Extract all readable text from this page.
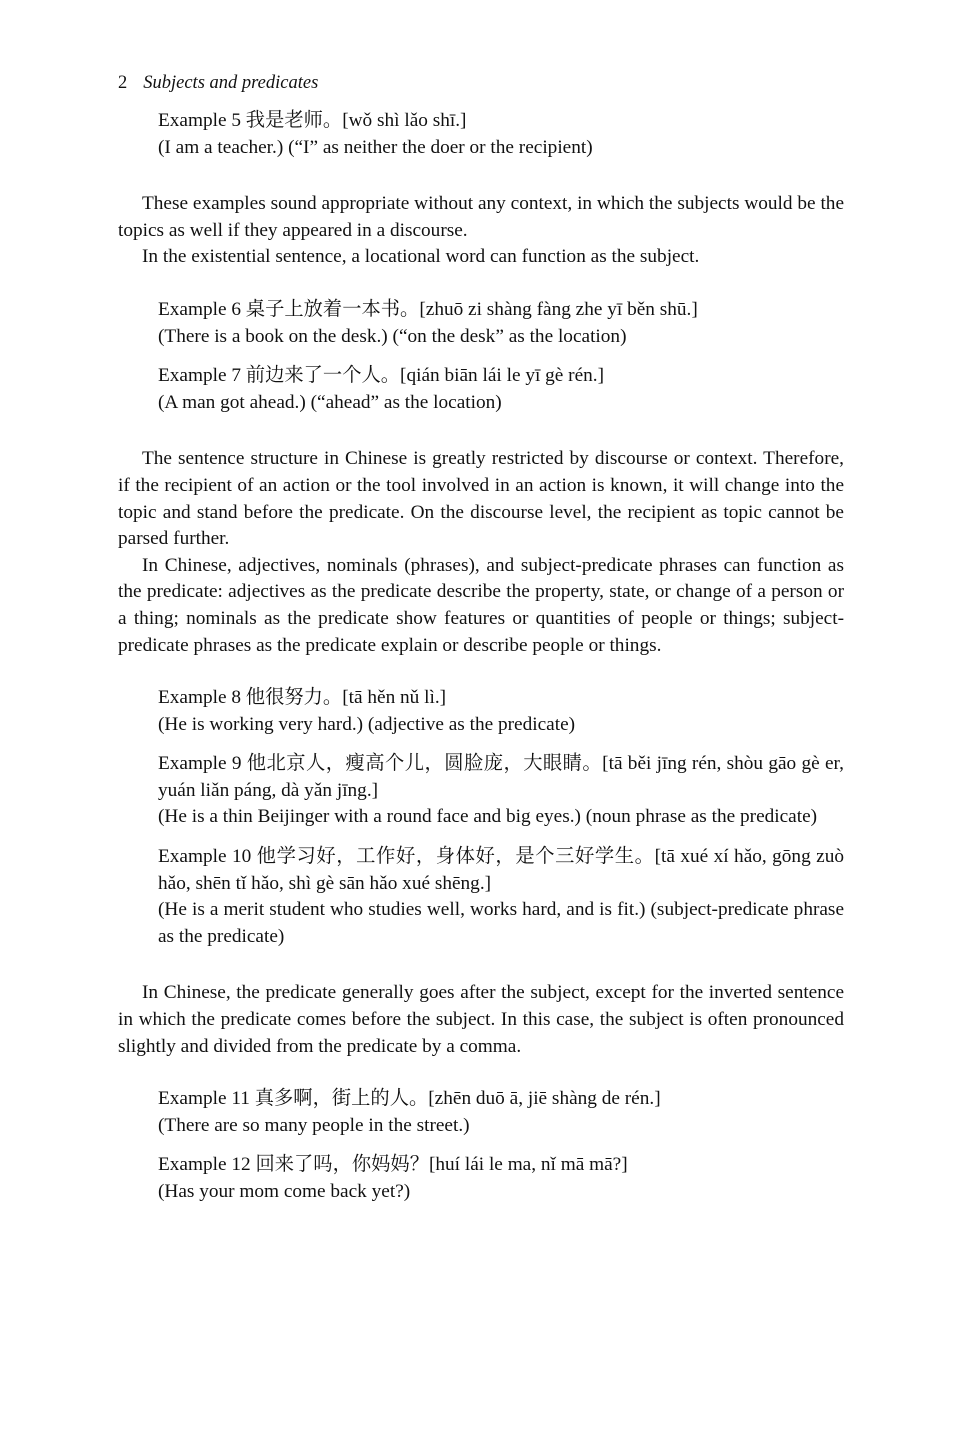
2 Subjects and predicates

Example 5 我是老师。[wǒ shì lǎo shī.]

(I am a teacher.) (“I” as neither the doer or the recipient)

These examples sound appropriate without any context, in which the subjects would be the topics as well if they appeared in a discourse.

In the existential sentence, a locational word can function as the subject.

Example 6 桌子上放着一本书。[zhuō zi shàng fàng zhe yī běn shū.]

(There is a book on the desk.) (“on the desk” as the location)

Example 7 前边来了一个人。[qián biān lái le yī gè rén.]

(A man got ahead.) (“ahead” as the location)

The sentence structure in Chinese is greatly restricted by discourse or context. Therefore, if the recipient of an action or the tool involved in an action is known, it will change into the topic and stand before the predicate. On the discourse level, the recipient as topic cannot be parsed further.

In Chinese, adjectives, nominals (phrases), and subject-predicate phrases can function as the predicate: adjectives as the predicate describe the property, state, or change of a person or a thing; nominals as the predicate show features or quantities of people or things; subject-predicate phrases as the predicate explain or describe people or things.

Example 8 他很努力。[tā hěn nǔ lì.]

(He is working very hard.) (adjective as the predicate)

Example 9 他北京人，瘦高个儿，圆脸庞，大眼睛。[tā běi jīng rén, shòu gāo gè er, yuán liǎn páng, dà yǎn jīng.]

(He is a thin Beijinger with a round face and big eyes.) (noun phrase as the predicate)

Example 10 他学习好，工作好，身体好，是个三好学生。[tā xué xí hǎo, gōng zuò hǎo, shēn tǐ hǎo, shì gè sān hǎo xué shēng.]

(He is a merit student who studies well, works hard, and is fit.) (subject-predicate phrase as the predicate)

In Chinese, the predicate generally goes after the subject, except for the inverted sentence in which the predicate comes before the subject. In this case, the subject is often pronounced slightly and divided from the predicate by a comma.

Example 11 真多啊，街上的人。[zhēn duō ā, jiē shàng de rén.]

(There are so many people in the street.)

Example 12 回来了吗，你妈妈？[huí lái le ma, nǐ mā mā?]

(Has your mom come back yet?)
